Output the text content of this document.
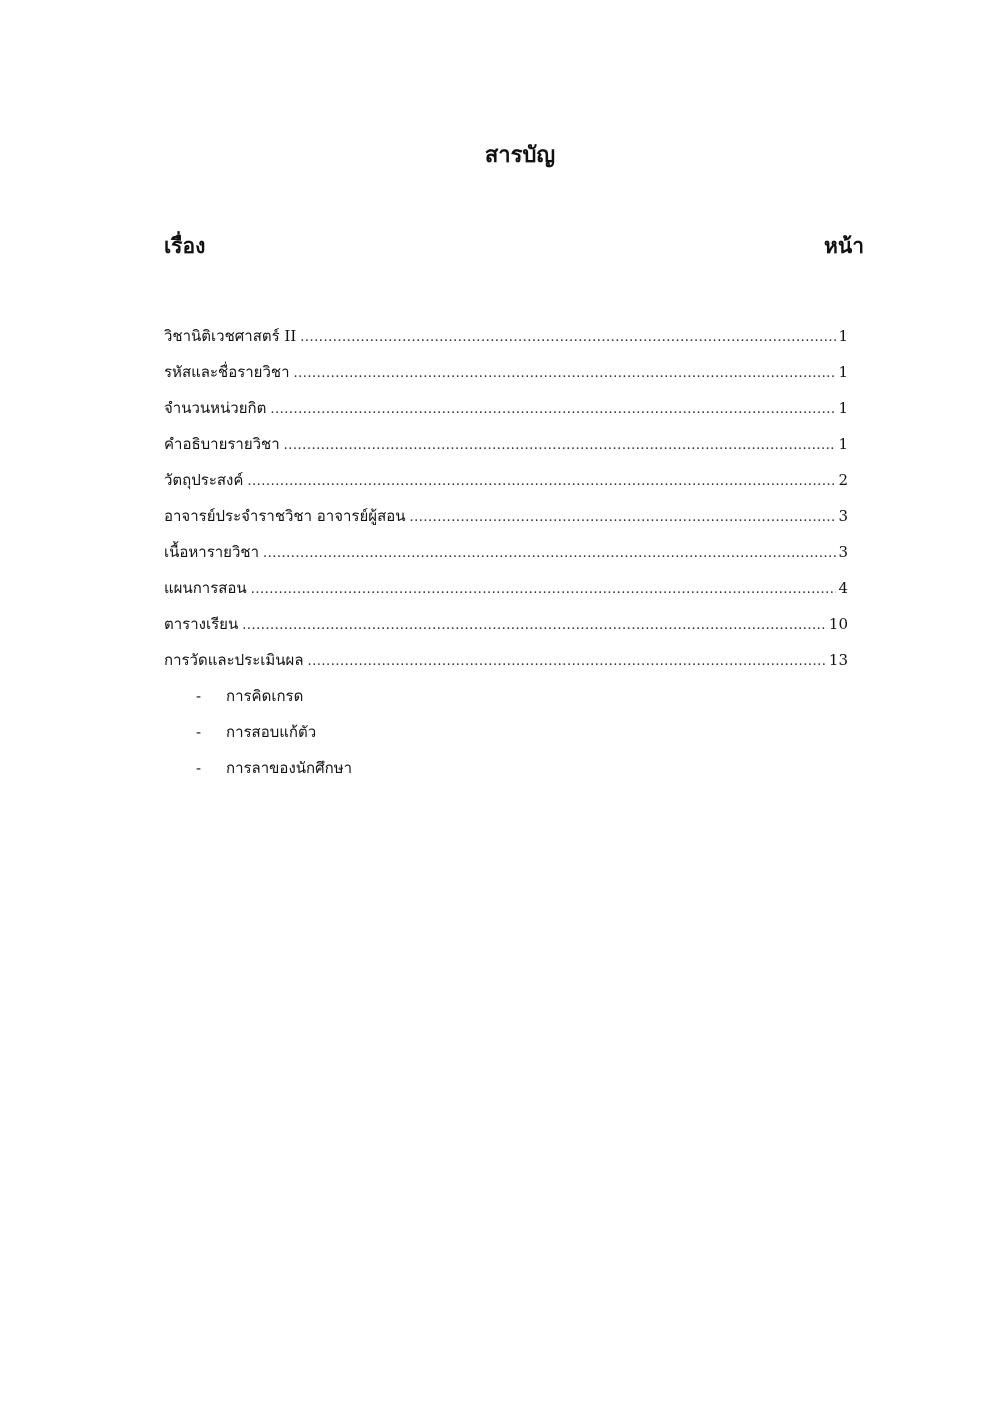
สารบัญ
เรื่อง	หน้า
วิชานิติเวชศาสตร์ II .....	1
รหัสและชื่อรายวิชา .....	1
จำนวนหน่วยกิต .....	1
คำอธิบายรายวิชา .....	1
วัตถุประสงค์ .....	2
อาจารย์ประจำราชวิชา อาจารย์ผู้สอน .....	3
เนื้อหารายวิชา .....	3
แผนการสอน .....	4
ตารางเรียน .....	10
การวัดและประเมินผล .....	13
- การคิดเกรด
- การสอบแก้ตัว
- การลาของนักศึกษา
